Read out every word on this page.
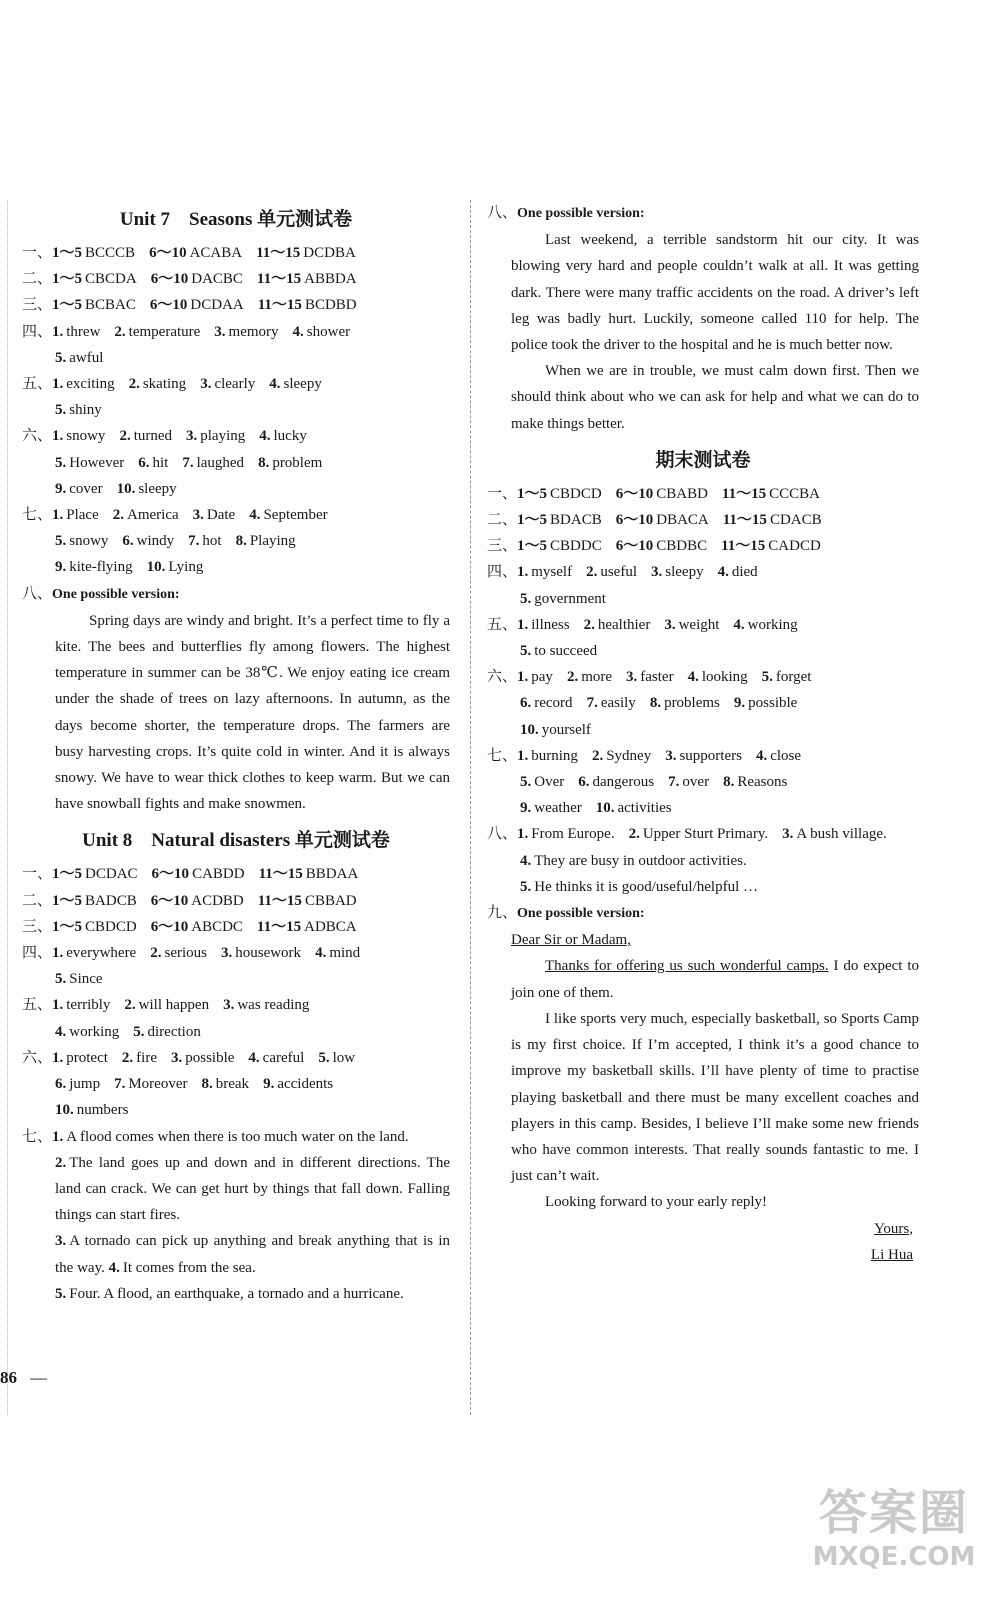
Unit 7　Seasons 单元测试卷
一、1～5 BCCCB 6～10 ACABA 11～15 DCDBA
二、1～5 CBCDA 6～10 DACBC 11～15 ABBDA
三、1～5 BCBAC 6～10 DCDAA 11～15 BCDBD
四、1. threw 2. temperature 3. memory 4. shower
5. awful
五、1. exciting 2. skating 3. clearly 4. sleepy
5. shiny
六、1. snowy 2. turned 3. playing 4. lucky
5. However 6. hit 7. laughed 8. problem
9. cover 10. sleepy
七、1. Place 2. America 3. Date 4. September
5. snowy 6. windy 7. hot 8. Playing
9. kite-flying 10. Lying
八、One possible version:
Spring days are windy and bright. It’s a perfect time to fly a kite. The bees and butterflies fly among flowers. The highest temperature in summer can be 38℃. We enjoy eating ice cream under the shade of trees on lazy afternoons. In autumn, as the days become shorter, the temperature drops. The farmers are busy harvesting crops. It’s quite cold in winter. And it is always snowy. We have to wear thick clothes to keep warm. But we can have snowball fights and make snowmen.
Unit 8　Natural disasters 单元测试卷
一、1～5 DCDAC 6～10 CABDD 11～15 BBDAA
二、1～5 BADCB 6～10 ACDBD 11～15 CBBAD
三、1～5 CBDCD 6～10 ABCDC 11～15 ADBCA
四、1. everywhere 2. serious 3. housework 4. mind
5. Since
五、1. terribly 2. will happen 3. was reading
4. working 5. direction
六、1. protect 2. fire 3. possible 4. careful 5. low
6. jump 7. Moreover 8. break 9. accidents
10. numbers
七、1. A flood comes when there is too much water on the land.

2. The land goes up and down and in different directions. The land can crack. We can get hurt by things that fall down. Falling things can start fires.

3. A tornado can pick up anything and break anything that is in the way. 4. It comes from the sea.

5. Four. A flood, an earthquake, a tornado and a hurricane.

八、One possible version:

Last weekend, a terrible sandstorm hit our city. It was blowing very hard and people couldn’t walk at all. It was getting dark. There were many traffic accidents on the road. A driver’s left leg was badly hurt. Luckily, someone called 110 for help. The police took the driver to the hospital and he is much better now.

When we are in trouble, we must calm down first. Then we should think about who we can ask for help and what we can do to make things better.

期末测试卷
一、1～5 CBDCD 6～10 CBABD 11～15 CCCBA
二、1～5 BDACB 6～10 DBACA 11～15 CDACB
三、1～5 CBDDC 6～10 CBDBC 11～15 CADCD
四、1. myself 2. useful 3. sleepy 4. died
5. government
五、1. illness 2. healthier 3. weight 4. working
5. to succeed
六、1. pay 2. more 3. faster 4. looking 5. forget
6. record 7. easily 8. problems 9. possible
10. yourself
七、1. burning 2. Sydney 3. supporters 4. close
5. Over 6. dangerous 7. over 8. Reasons
9. weather 10. activities
八、1. From Europe. 2. Upper Sturt Primary. 3. A bush village.
4. They are busy in outdoor activities.
5. He thinks it is good/useful/helpful …
九、One possible version:

Dear Sir or Madam,

Thanks for offering us such wonderful camps. I do expect to join one of them.

I like sports very much, especially basketball, so Sports Camp is my first choice. If I’m accepted, I think it’s a good chance to improve my basketball skills. I’ll have plenty of time to practise playing basketball and there must be many excellent coaches and players in this camp. Besides, I believe I’ll make some new friends who have common interests. That really sounds fantastic to me. I just can’t wait.

Looking forward to your early reply!

Yours,

Li Hua

86 —
答案圈
MXQE.COM
